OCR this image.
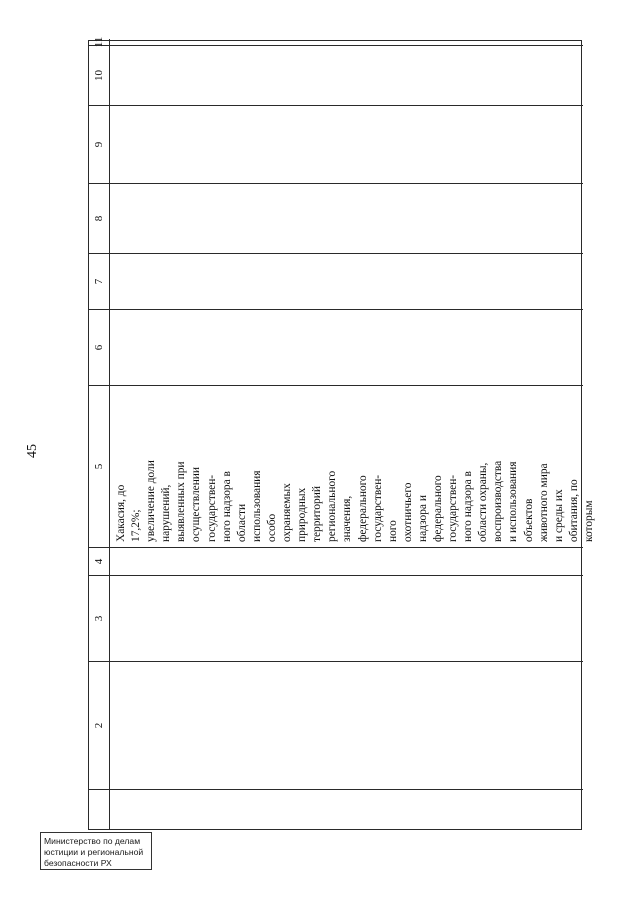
45
2
3
4
5
6
7
8
9
10
11
Хакасия, до 17,2%; увеличение доли нарушений, выявленных при осуществлении государствен- ного надзора в области использования особо охраняемых природных территорий регионального значения, федерального государствен- ного охотничьего надзора и федерального государствен- ного надзора в области охраны, воспроизводства и использования объектов животного мира и среды их обитания, по которым
Министерство по делам
юстиции и региональной
безопасности РХ
